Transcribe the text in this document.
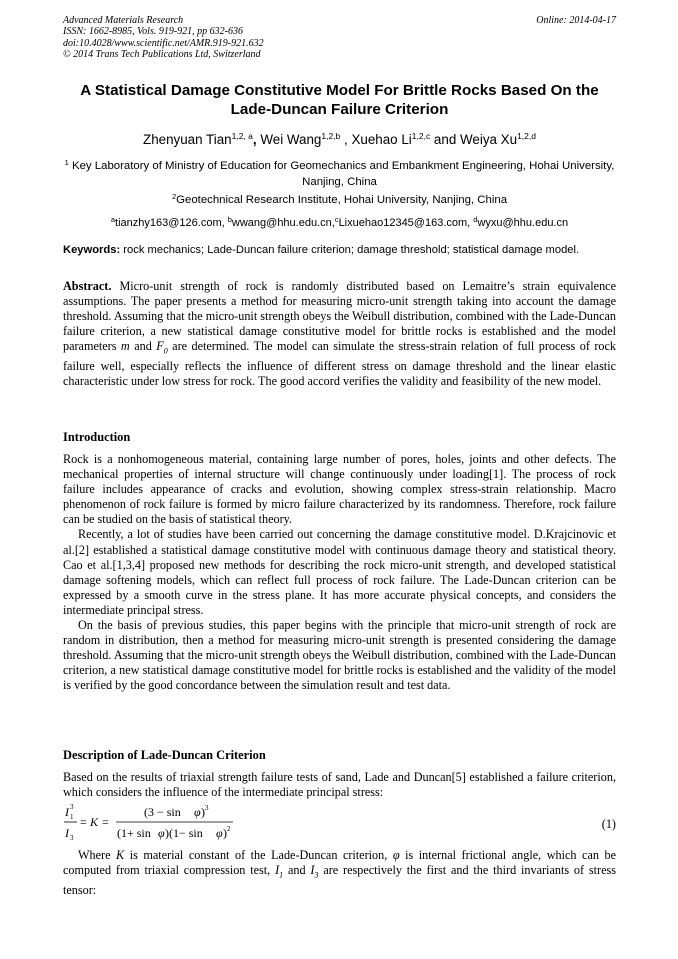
Advanced Materials Research
ISSN: 1662-8985, Vols. 919-921, pp 632-636
doi:10.4028/www.scientific.net/AMR.919-921.632
© 2014 Trans Tech Publications Ltd, Switzerland
Online: 2014-04-17
A Statistical Damage Constitutive Model For Brittle Rocks Based On the
Lade-Duncan Failure Criterion
Zhenyuan Tian$^{1,2, a}$, Wei Wang$^{1,2,b}$ , Xuehao Li$^{1,2,c}$ and Weiya Xu$^{1,2,d}$
$^1$ Key Laboratory of Ministry of Education for Geomechanics and Embankment Engineering, Hohai University, Nanjing, China
$^2$Geotechnical Research Institute, Hohai University, Nanjing, China
$^a$tianzhy163@126.com, $^b$wwang@hhu.edu.cn,$^c$Lixuehao12345@163.com, $^d$wyxu@hhu.edu.cn
Keywords: rock mechanics; Lade-Duncan failure criterion; damage threshold; statistical damage model.

Abstract. Micro-unit strength of rock is randomly distributed based on Lemaitre’s strain equivalence assumptions. The paper presents a method for measuring micro-unit strength taking into account the damage threshold. Assuming that the micro-unit strength obeys the Weibull distribution, combined with the Lade-Duncan failure criterion, a new statistical damage constitutive model for brittle rocks is established and the model parameters m and $F_0$ are determined. The model can simulate the stress-strain relation of full process of rock failure well, especially reflects the influence of different stress on damage threshold and the linear elastic characteristic under low stress for rock. The good accord verifies the validity and feasibility of the new model.

Introduction

Rock is a nonhomogeneous material, containing large number of pores, holes, joints and other defects. The mechanical properties of internal structure will change continuously under loading[1]. The process of rock failure includes appearance of cracks and evolution, showing complex stress-strain relationship. Macro phenomenon of rock failure is formed by micro failure characterized by its randomness. Therefore, rock failure can be studied on the basis of statistical theory.

Recently, a lot of studies have been carried out concerning the damage constitutive model. D.Krajcinovic et al.[2] established a statistical damage constitutive model with continuous damage theory and statistical theory. Cao et al.[1,3,4] proposed new methods for describing the rock micro-unit strength, and developed statistical damage softening models, which can reflect full process of rock failure. The Lade-Duncan criterion can be expressed by a smooth curve in the stress plane. It has more accurate physical concepts, and considers the intermediate principal stress.

On the basis of previous studies, this paper begins with the principle that micro-unit strength of rock are random in distribution, then a method for measuring micro-unit strength is presented considering the damage threshold. Assuming that the micro-unit strength obeys the Weibull distribution, combined with the Lade-Duncan criterion, a new statistical damage constitutive model for brittle rocks is established and the validity of the model is verified by the good concordance between the simulation result and test data.

Description of Lade-Duncan Criterion

Based on the results of triaxial strength failure tests of sand, Lade and Duncan[5] established a failure criterion, which considers the influence of the intermediate principal stress:

I 3
1
I 3
= K =
(3 − sin φ ) 3
(1+ sin φ )(1− sin φ ) 2	(1)

Where K is material constant of the Lade-Duncan criterion, φ is internal frictional angle, which can be computed from triaxial compression test, $I_1$ and $I_3$ are respectively the first and the third invariants of stress tensor:
